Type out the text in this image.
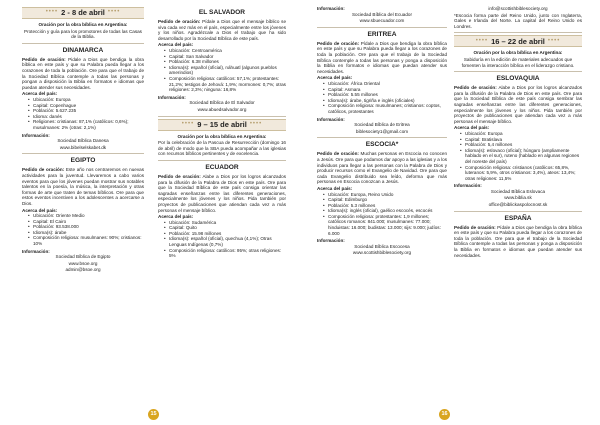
•••• 2 - 8 de abril ••••

Oración por la obra bíblica en Argentina:

Protección y guía para los promotores de todas las Casas de la Biblia.

DINAMARCA

Pedido de oración: Pidale a Dios que bendiga la obra bíblica en este país y que su Palabra pueda llegar a los corazones de toda la población. Ore para que el trabajo de la Sociedad Bíblica contemple a todas las personas y pongan a disposición la Biblia en formatos e idiomas que puedan atender sus necesidades.

Acerca del país:
• Ubicación: Europa
• Capital: Copenhague
• Población: 5.627.235
• Idioma: danés
• Religiones: cristianas: 87,1% (católicos: 0,6%); musulmanes: 2% (otras: 2,1%)
Información:

Sociedad Bíblica Danesa

www.bibelselskabet.dk

EGIPTO

Pedido de oración: Este año nos centraremos en nuevas actividades para la juventud. Llevaremos a cabo varios eventos para que los jóvenes puedan mostrar sus notables talentos en la poesía, la música, la interpretación y otras formas de arte que traten de temas bíblicos. Ore para que estos eventos incentiven a los adolescentes a acercarse a Dios.

Acerca del país:
• Ubicación: Oriente Medio
• Capital: El Cairo
• Población: 93.538.000
• Idioma(s): árabe
• Composición religiosa: musulmanes: 90%; cristianos: 10%
Información:

Sociedad Bíblica de Egipto

www.bsoe.org

admin@bsoe.org

15
EL SALVADOR

Pedido de oración: Pídale a Dios que el mensaje bíblico se viva cada vez más en el país, especialmente entre los jóvenes y los niños. Agradézcale a Dios el trabajo que ha sido desarrollado por la Sociedad Bíblica de este país.

Acerca del país:
• Ubicación: Centroamérica
• Capital: San Salvador
• Población: 6.38 millones
• Idioma(s): español (oficial), náhuatl (algunos pueblos amerindios)
• Composición religiosa: católicos: 57,1%; protestantes: 21,2%; testigos de Jehová: 1,9%; mormones: 0,7%; otras religiones: 2,3%; ninguna: 16,8%
Información:

Sociedad Bíblica de El Salvador

www.abuedsalvador.org

•••• 9 – 15 de abril ••••

Oración por la obra bíblica en Argentina:

Por la celebración de la Pascua de Resurrección (domingo 16 de abril) de modo que la SBA pueda acompañar a las iglesias con recursos bíblicos pertinentes y de excelencia.

ECUADOR

Pedido de oración: Alabe a Dios por los logros alcanzados para la difusión de la Palabra de Dios en este país. Ore para que la Sociedad Bíblica de este país consiga orientar las sagradas enseñanzas entre las diferentes generaciones, especialmente los jóvenes y los niños. Pida también por proyectos de publicaciones que atiendan cada vez a más personas el mensaje bíblico.

Acerca del país:
• Ubicación: Sudamérica
• Capital: Quito
• Población: 15.98 millones
• Idioma(s): español (oficial), quechua (4,1%); Otras Lenguas Indígenas (0,7%)
• Composición religiosa: católicos: 95%; otras religiones: 5%
Información:

Sociedad Bíblica del Ecuador

www.sbuecuador.com

ERITREA

Pedido de oración: Pídale a Dios que bendiga la obra bíblica en este país y que su Palabra pueda llegar a los corazones de toda la población. Ore para que el trabajo de la Sociedad Bíblica contemple a todas las personas y ponga a disposición la Biblia en formatos e idiomas que puedan atender sus necesidades.

Acerca del país:
• Ubicación: África Oriental
• Capital: Asmara
• Población: 5.55 millones
• Idioma(s): árabe, tigriña e inglés (oficiales)
• Composición religiosa: musulmanes; cristianos: coptos, católicos, protestantes
Información:

Sociedad Bíblica de Eritrea

biblesociety1@gmail.com

ESCOCIA*

Pedido de oración: Muchas personas en Escocia no conocen a Jesús. Ore para que podamos dar apoyo a las iglesias y a los individuos para llegar a las personas con la Palabra de Dios y producir recursos como el Evangelio de Navidad. Ore para que cada Evangelio distribuido sea leído, deforma que más personas en Escocia conozcan a Jesús.

Acerca del país:
• Ubicación: Europa, Reino Unido
• Capital: Edimburgo
• Población: 5.3 millones
• Idioma(s): inglés (oficial), gaélico escocés, escocés
• Composición religiosa: protestantes: 1,9 millones; católicos romanos: 841.000; musulmanes: 77.000; hinduistas: 16.000; budistas: 13.000; sijs: 9.000; judíos: 6.000
Información:

Sociedad Bíblica Escocesa

www.scottishbiblesociety.org

info@scottishbiblesociety.org

*Escocia forma parte del Reino Unido, junto con Inglaterra, Gales e Irlanda del Norte. La capital del Reino Unido es Londres.

•••• 16 – 22 de abril ••••

Oración por la obra bíblica en Argentina:

Sabiduría en la edición de materiales adecuados que fomenten la interacción bíblica en el liderazgo cristiano.

ESLOVAQUIA

Pedido de oración: Alabe a Dios por los logros alcanzados para la difusión de la Palabra de Dios en este país. Ore para que la Sociedad Bíblica de este país consiga sembrar las sagradas enseñanzas entre las diferentes generaciones, especialmente los jóvenes y los niños. Pida también por proyectos de publicaciones que atiendan cada vez a más personas el mensaje bíblico.

Acerca del país:
• Ubicación: Europa
• Capital: Bratislava
• Población: 5,4 millones
• Idioma(s): eslovaco (oficial); húngaro (ampliamente hablado en el sur), ruteno (hablado en algunas regiones del noreste del país)
• Composición religiosa: cristianos (católicos: 65,8%, luteranos: 5,9%, otros cristianos: 3,4%), ateos: 13,4%; otras religiones: 11,5%
Información:

Sociedad Bíblica Eslovaca

www.biblia.sk

office@biblickaspolocnost.sk

ESPAÑA

Pedido de oración: Pídale a Dios que bendiga la obra bíblica en este país y que su Palabra pueda llegar a los corazones de toda la población. Ore para que el trabajo de la Sociedad Bíblica contemple a todas las personas y ponga a disposición la Biblia en formatos e idiomas que puedan atender sus necesidades.

16
